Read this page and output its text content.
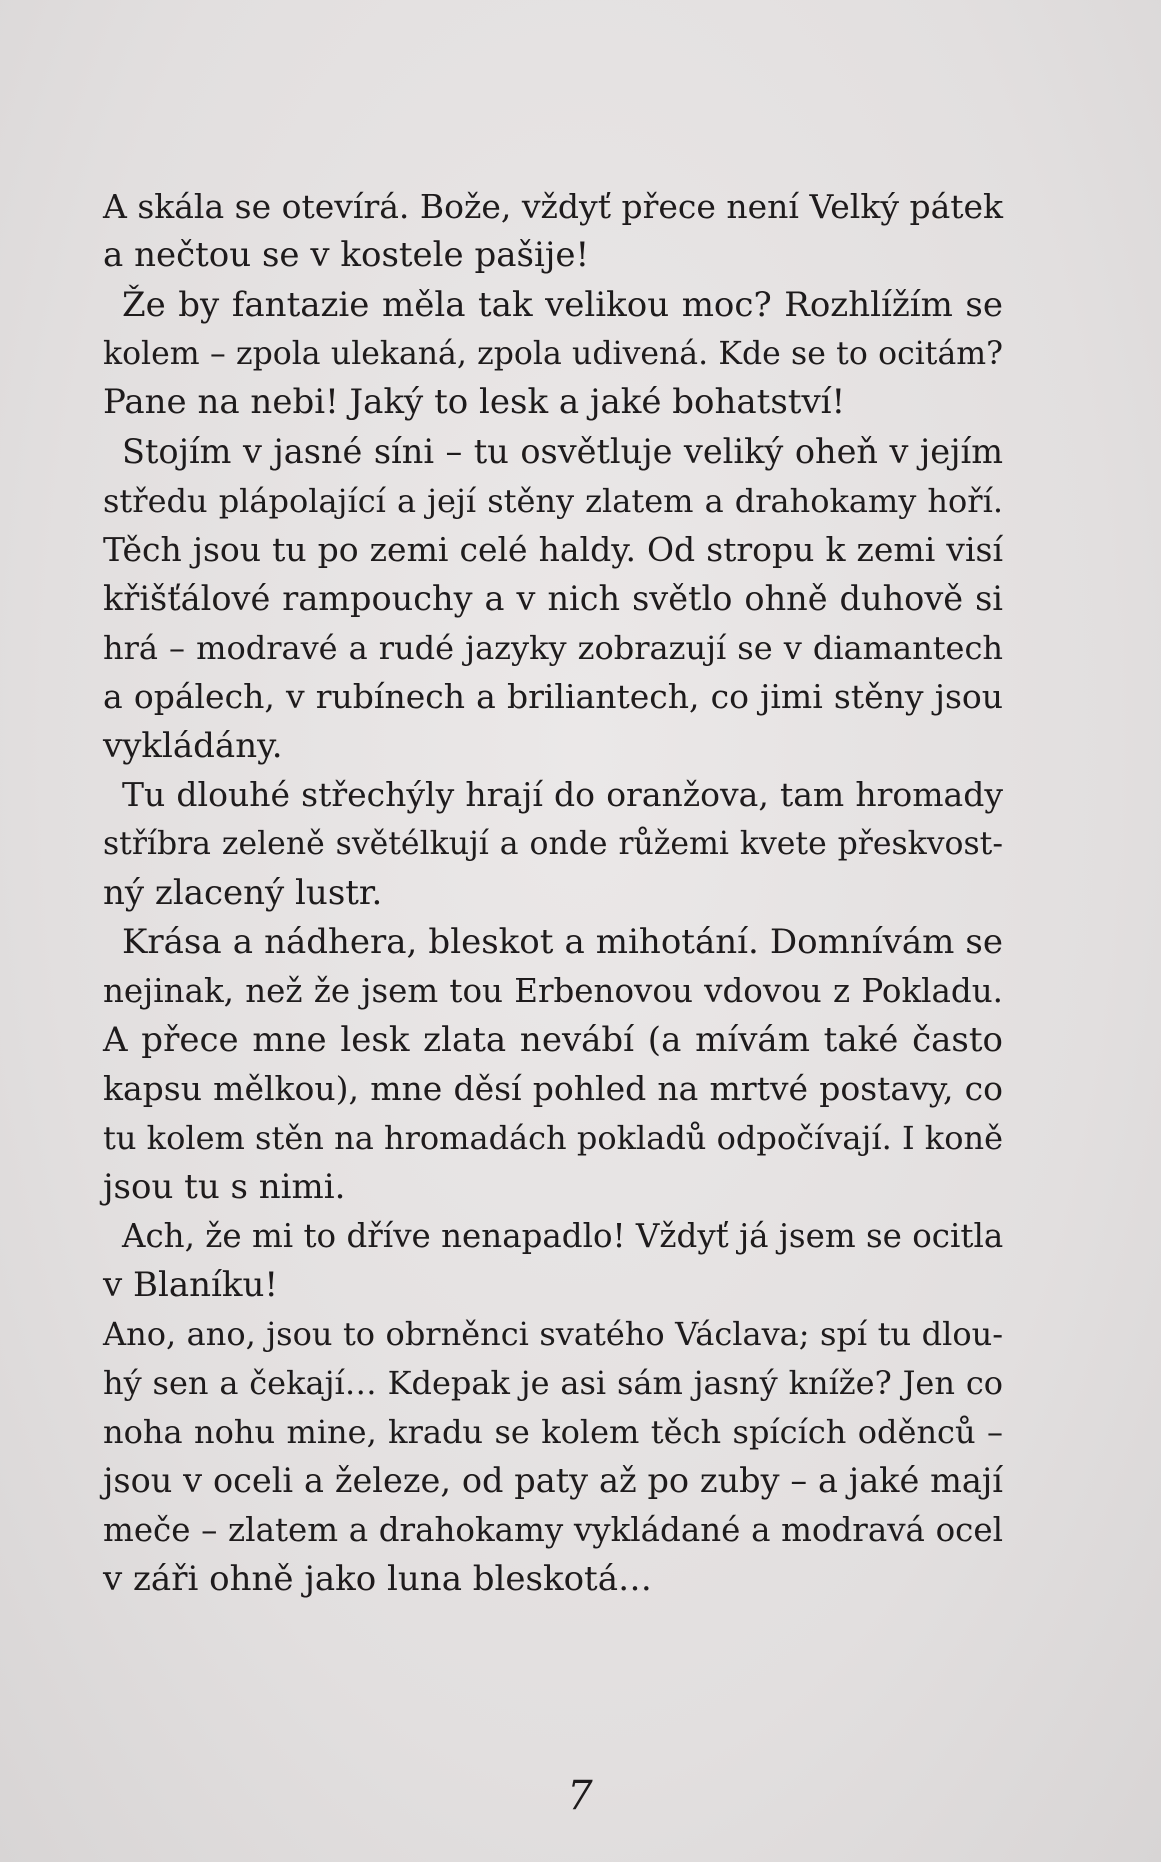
A skála se otevírá. Bože, vždyť přece není Velký pátek
a nečtou se v kostele pašije!
Že by fantazie měla tak velikou moc? Rozhlížím se
kolem – zpola ulekaná, zpola udivená. Kde se to ocitám?
Pane na nebi! Jaký to lesk a jaké bohatství!
Stojím v jasné síni – tu osvětluje veliký oheň v jejím
středu plápolající a její stěny zlatem a drahokamy hoří.
Těch jsou tu po zemi celé haldy. Od stropu k zemi visí
křišťálové rampouchy a v nich světlo ohně duhově si
hrá – modravé a rudé jazyky zobrazují se v diamantech
a opálech, v rubínech a briliantech, co jimi stěny jsou
vykládány.
Tu dlouhé střechýly hrají do oranžova, tam hromady
stříbra zeleně světélkují a onde růžemi kvete přeskvost-
ný zlacený lustr.
Krása a nádhera, bleskot a mihotání. Domnívám se
nejinak, než že jsem tou Erbenovou vdovou z Pokladu.
A přece mne lesk zlata nevábí (a mívám také často
kapsu mělkou), mne děsí pohled na mrtvé postavy, co
tu kolem stěn na hromadách pokladů odpočívají. I koně
jsou tu s nimi.
Ach, že mi to dříve nenapadlo! Vždyť já jsem se ocitla
v Blaníku!
Ano, ano, jsou to obrněnci svatého Václava; spí tu dlou-
hý sen a čekají… Kdepak je asi sám jasný kníže? Jen co
noha nohu mine, kradu se kolem těch spících oděnců –
jsou v oceli a železe, od paty až po zuby – a jaké mají
meče – zlatem a drahokamy vykládané a modravá ocel
v záři ohně jako luna bleskotá…
7
